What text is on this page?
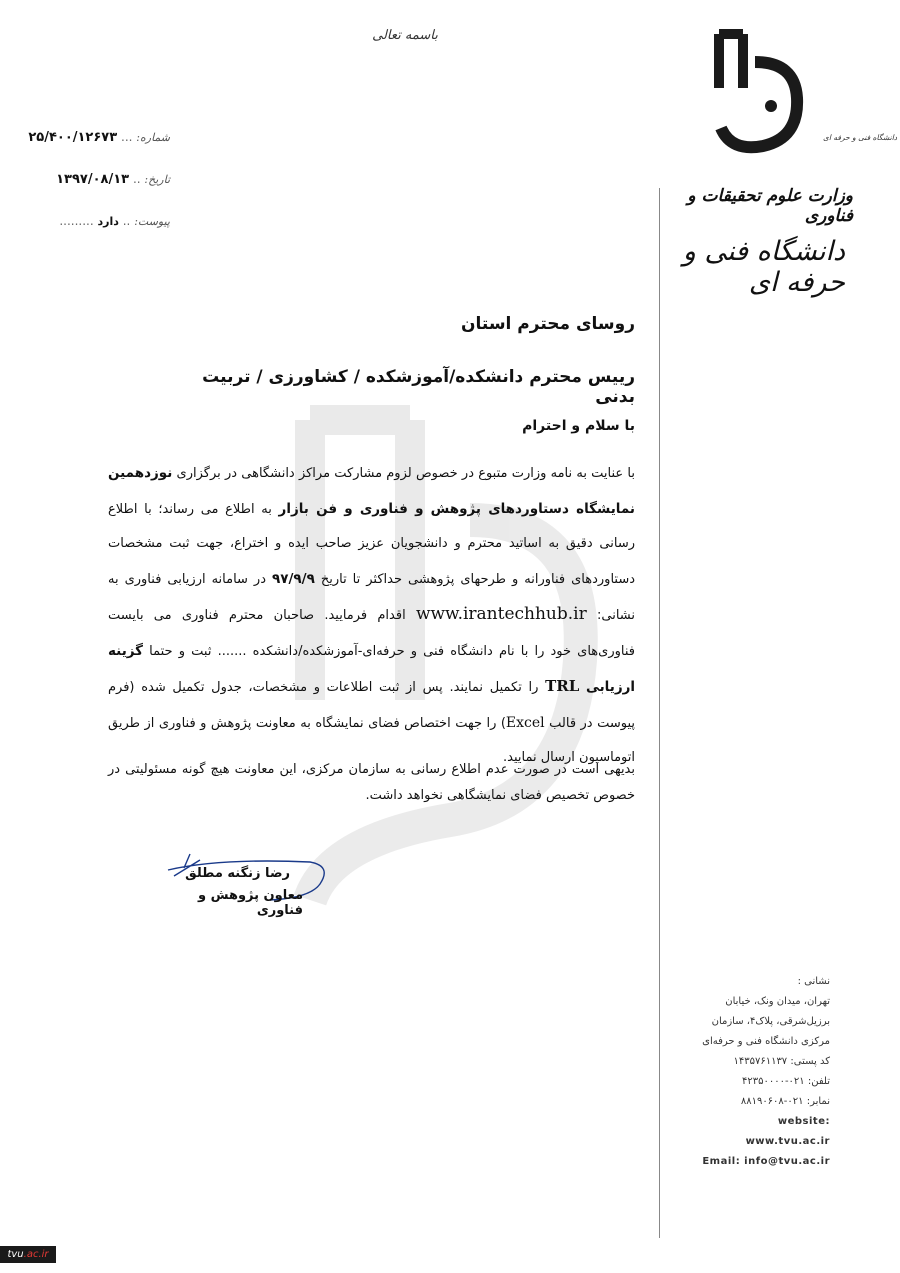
باسمه تعالی
شماره: ... ۲۵/۴۰۰/۱۲۶۷۳
تاریخ: .. ۱۳۹۷/۰۸/۱۳
پیوست: .. دارد .........
دانشگاه فنی و حرفه ای
وزارت علوم تحقیقات و فناوری
دانشگاه فنی و حرفه ای
روسای محترم استان
رییس محترم دانشکده/آموزشکده / کشاورزی / تربیت بدنی
با سلام و احترام
با عنایت به نامه وزارت متبوع در خصوص لزوم مشارکت مراکز دانشگاهی در برگزاری نوزدهمین نمایشگاه دستاوردهای پژوهش و فناوری و فن بازار به اطلاع می رساند؛ با اطلاع رسانی دقیق به اساتید محترم و دانشجویان عزیز صاحب ایده و اختراع، جهت ثبت مشخصات دستاوردهای فناورانه و طرحهای پژوهشی حداکثر تا تاریخ ۹۷/۹/۹ در سامانه ارزیابی فناوری به نشانی: www.irantechhub.ir اقدام فرمایید. صاحبان محترم فناوری می بایست فناوری‌های خود را با نام دانشگاه فنی و حرفه‌ای-آموزشکده/دانشکده ....... ثبت و حتما گزینه ارزیابی TRL را تکمیل نمایند. پس از ثبت اطلاعات و مشخصات، جدول تکمیل شده (فرم پیوست در قالب Excel) را جهت اختصاص فضای نمایشگاه به معاونت پژوهش و فناوری از طریق اتوماسیون ارسال نمایید.
بدیهی است در صورت عدم اطلاع رسانی به سازمان مرکزی، این معاونت هیچ گونه مسئولیتی در خصوص تخصیص فضای نمایشگاهی نخواهد داشت.
رضا زنگنه مطلق
معاون پژوهش و فناوری
نشانی :
تهران، میدان ونک، خیابان
برزیل‌شرقی، پلاک۴، سازمان
مرکزی دانشگاه فنی و حرفه‌ای
کد پستی: ۱۴۳۵۷۶۱۱۳۷
تلفن: ۰۲۱-۴۲۳۵۰۰۰۰
نمابر: ۰۲۱-۸۸۱۹۰۶۰۸
website: www.tvu.ac.ir
Email: info@tvu.ac.ir
tvu.ac.ir
